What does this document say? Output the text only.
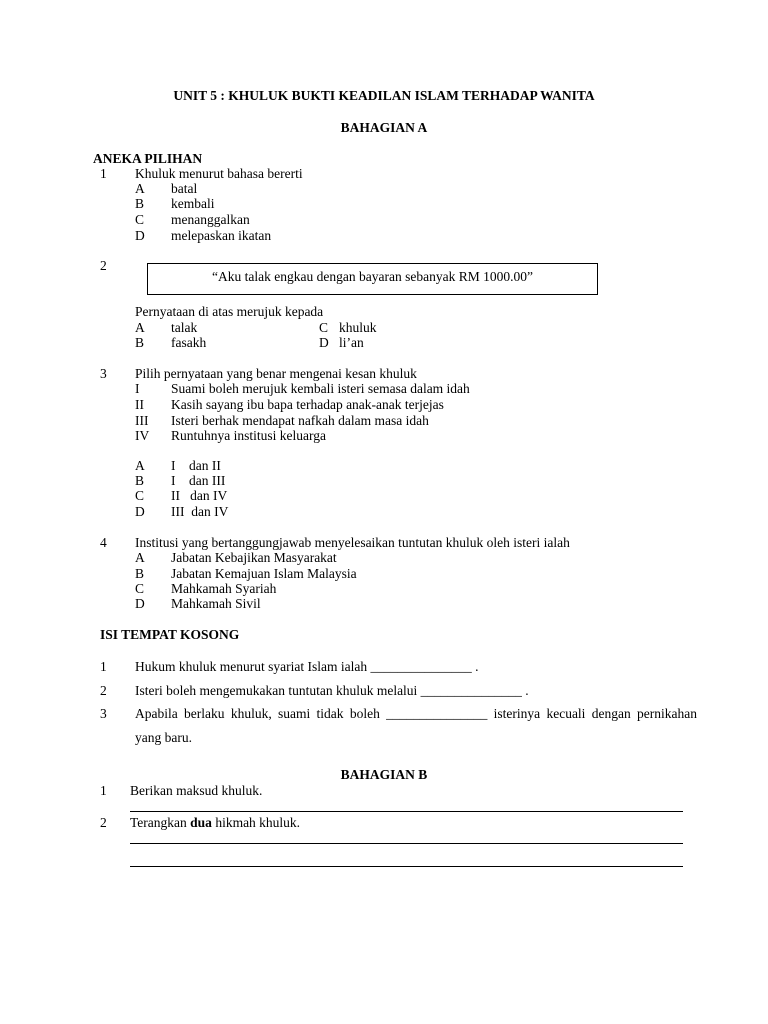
UNIT 5 : KHULUK BUKTI KEADILAN ISLAM TERHADAP WANITA
BAHAGIAN A
ANEKA PILIHAN
1 Khuluk menurut bahasa bererti
A batal
B kembali
C menanggalkan
D melepaskan ikatan
2
“Aku talak engkau dengan bayaran sebanyak RM 1000.00”
Pernyataan di atas merujuk kepada
A talak	C khuluk
B fasakh	D li’an
3 Pilih pernyataan yang benar mengenai kesan khuluk
I Suami boleh merujuk kembali isteri semasa dalam idah
II Kasih sayang ibu bapa terhadap anak-anak terjejas
III Isteri berhak mendapat nafkah dalam masa idah
IV Runtuhnya institusi keluarga
A I    dan II
B I    dan III
C II   dan IV
D III  dan IV
4 Institusi yang bertanggungjawab menyelesaikan tuntutan khuluk oleh isteri ialah
A Jabatan Kebajikan Masyarakat
B Jabatan Kemajuan Islam Malaysia
C Mahkamah Syariah
D Mahkamah Sivil
ISI TEMPAT KOSONG
1 Hukum khuluk menurut syariat Islam ialah _______________ .
2 Isteri boleh mengemukakan tuntutan khuluk melalui _______________ .
3 Apabila berlaku khuluk, suami tidak boleh _______________ isterinya kecuali dengan pernikahan
yang baru.
BAHAGIAN B
1 Berikan maksud khuluk.
2 Terangkan dua hikmah khuluk.
